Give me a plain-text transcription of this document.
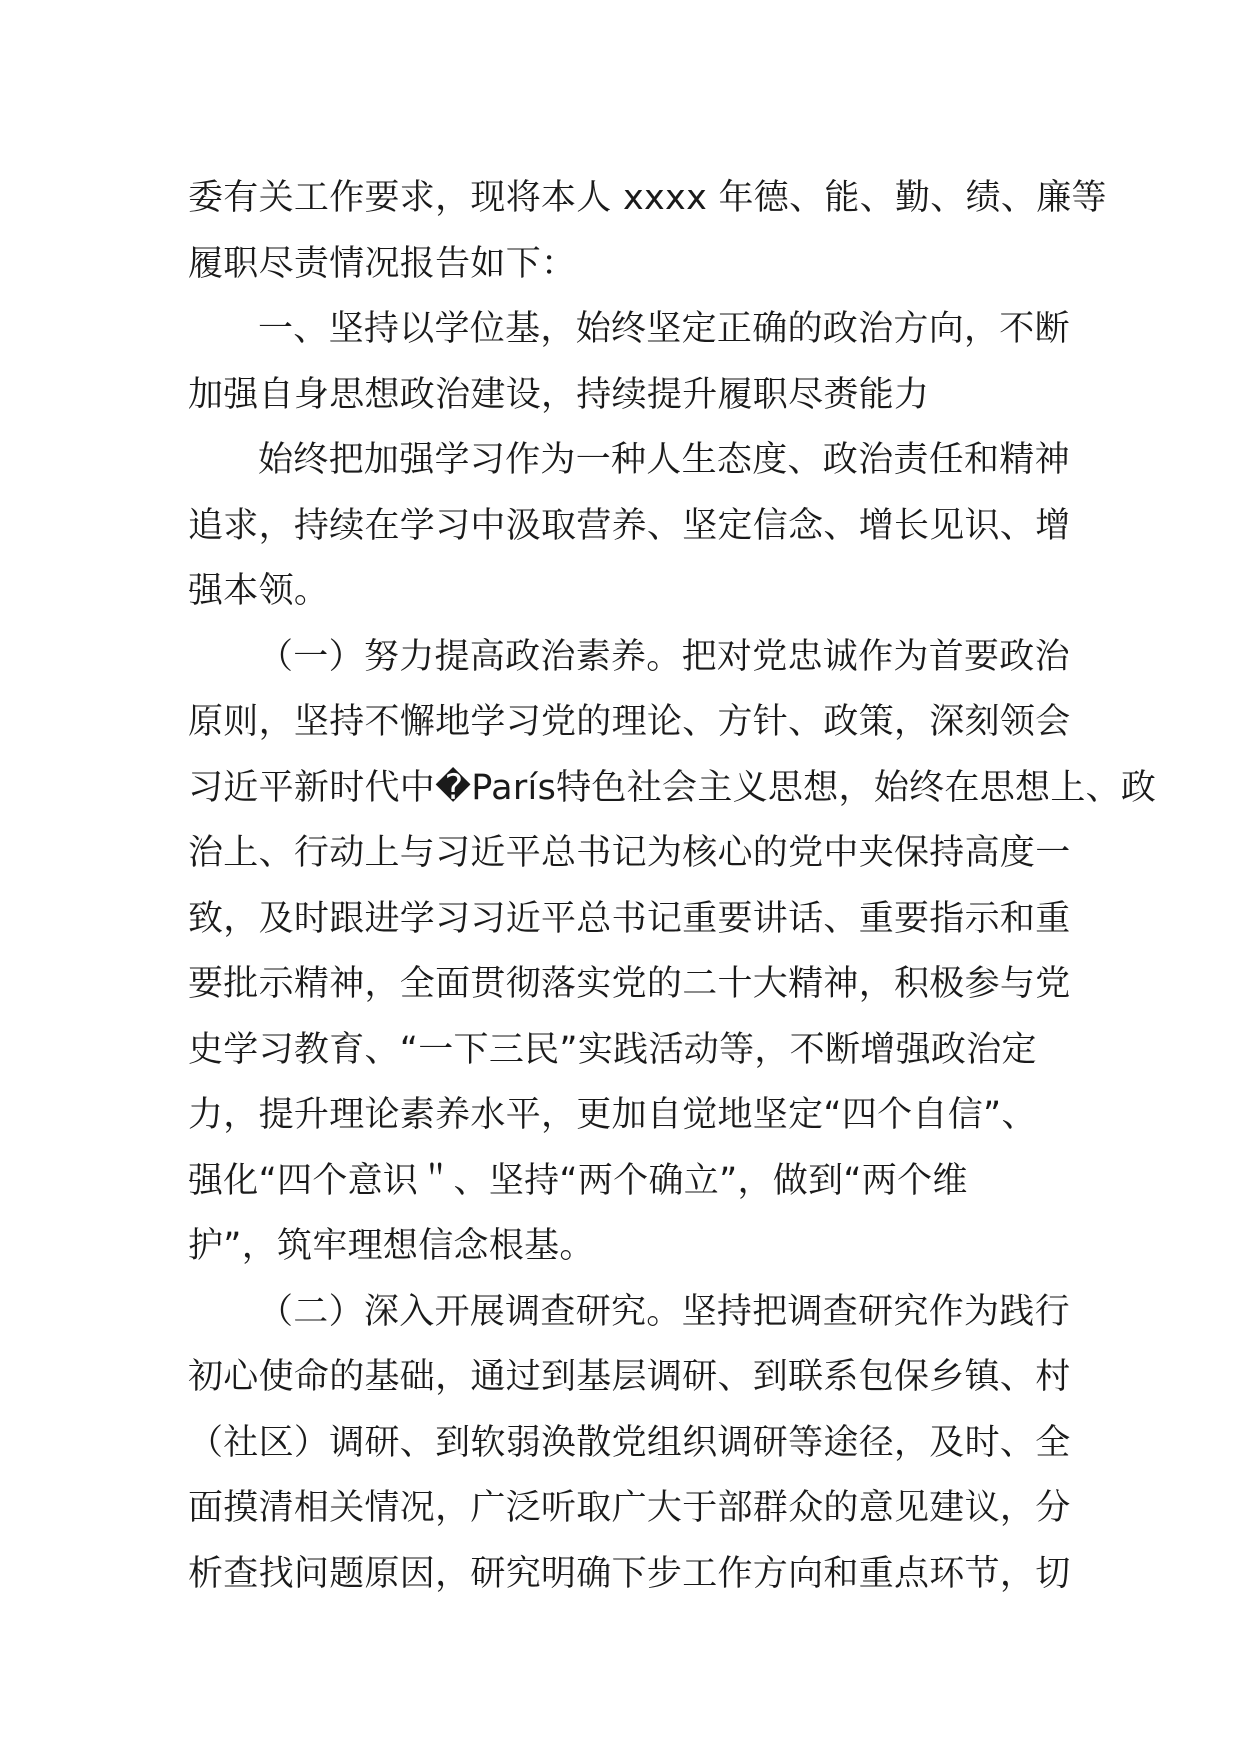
委有关工作要求，现将本人 xxxx 年德、能、勤、绩、廉等
履职尽责情况报告如下：
一、坚持以学位基，始终坚定正确的政治方向，不断
加强自身思想政治建设，持续提升履职尽赉能力
始终把加强学习作为一种人生态度、政治责任和精神
追求，持续在学习中汲取营养、坚定信念、增长见识、增
强本领。
（一）努力提高政治素养。把对党忠诚作为首要政治
原则，坚持不懈地学习党的理论、方针、政策，深刻领会
习近平新时代中�París特色社会主义思想，始终在思想上、政
治上、行动上与习近平总书记为核心的党中夹保持高度一
致，及时跟进学习习近平总书记重要讲话、重要指示和重
要批示精神，全面贯彻落实党的二十大精神，积极参与党
史学习教育、“一下三民”实践活动等，不断增强政治定
力，提升理论素养水平，更加自觉地坚定“四个自信”、
强化“四个意识＂、坚持“两个确立”，做到“两个维
护”，筑牢理想信念根基。
（二）深入开展调查研究。坚持把调查研究作为践行
初心使命的基础，通过到基层调研、到联系包保乡镇、村
（社区）调研、到软弱涣散党组织调研等途径，及时、全
面摸清相关情况，广泛听取广大于部群众的意见建议，分
析查找问题原因，研究明确下步工作方向和重点环节，切
